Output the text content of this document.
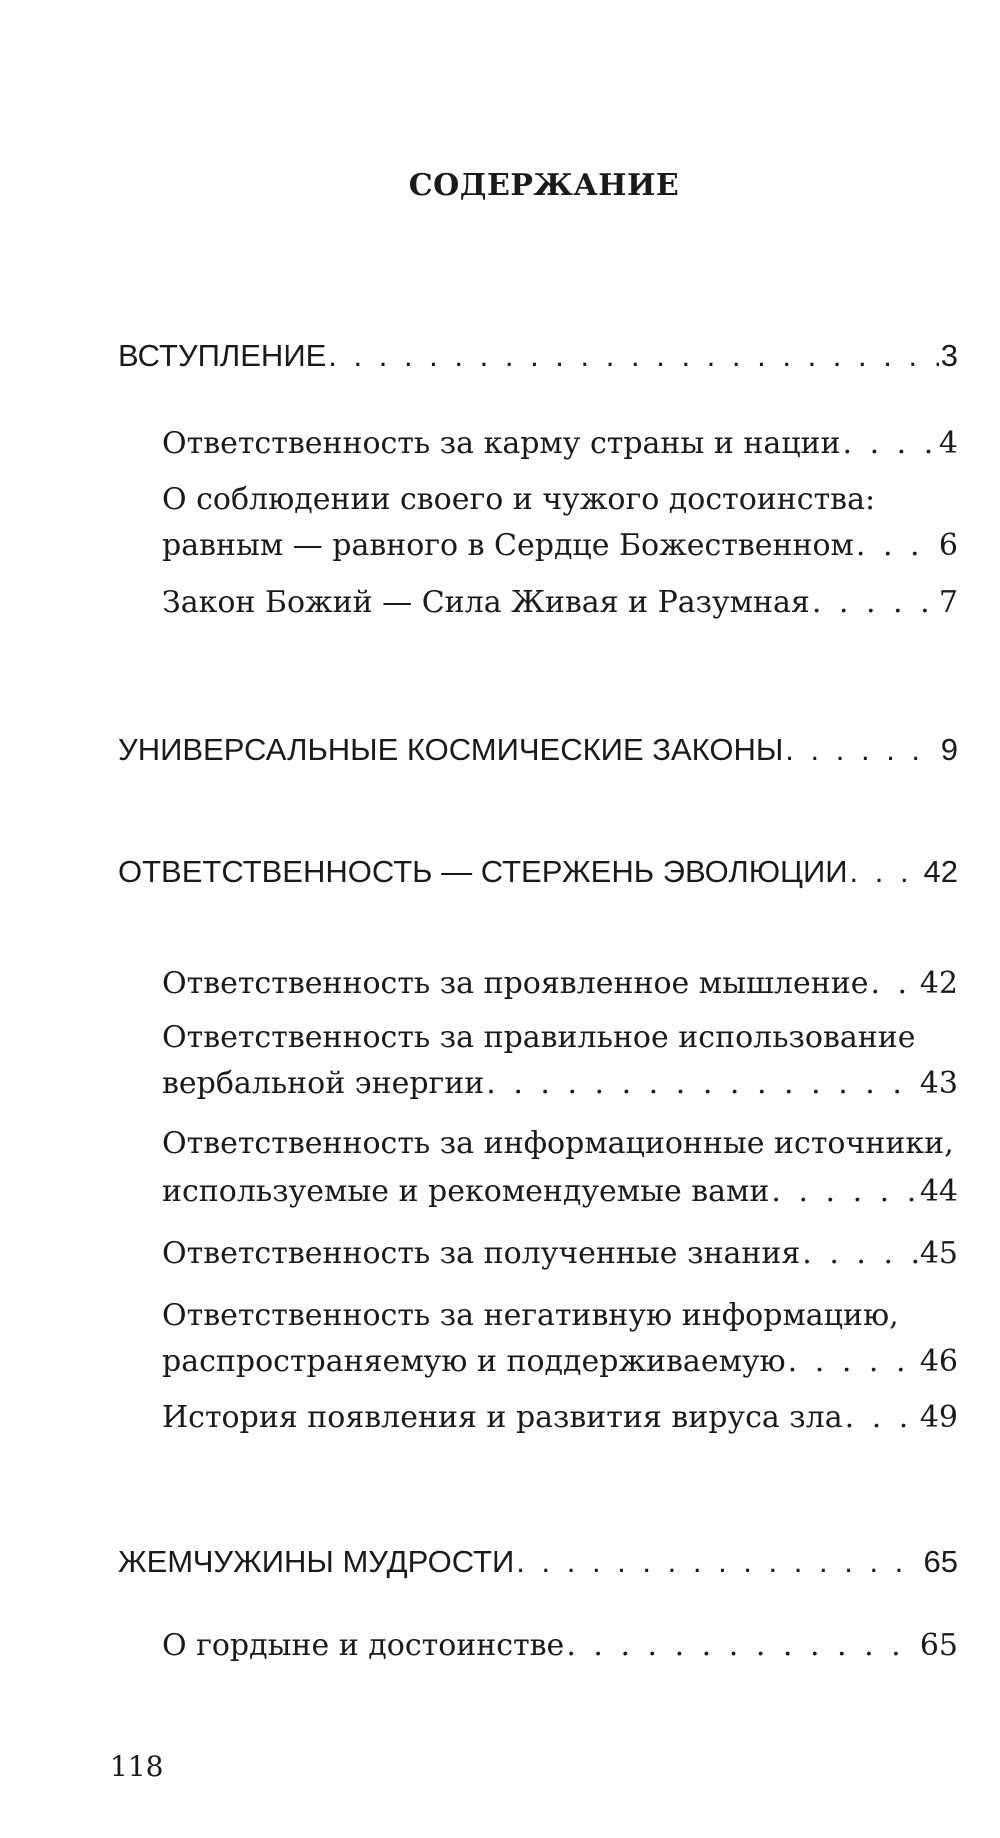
СОДЕРЖАНИЕ
ВСТУПЛЕНИЕ . . .	3
Ответственность за карму страны и нации . . .	4
О соблюдении своего и чужого достоинства:
равным — равного в Сердце Божественном . . .	6
Закон Божий — Сила Живая и Разумная . . .	7
УНИВЕРСАЛЬНЫЕ КОСМИЧЕСКИЕ ЗАКОНЫ . . .	9
ОТВЕТСТВЕННОСТЬ — СТЕРЖЕНЬ ЭВОЛЮЦИИ . . . 42
Ответственность за проявленное мышление . . . 42
Ответственность за правильное использование
вербальной энергии . . .	43
Ответственность за информационные источники,
используемые и рекомендуемые вами . . .	44
Ответственность за полученные знания . . .	45
Ответственность за негативную информацию,
распространяемую и поддерживаемую . . .	46
История появления и развития вируса зла . . .	49
ЖЕМЧУЖИНЫ МУДРОСТИ . . .	65
О гордыне и достоинстве . . .	65
118
